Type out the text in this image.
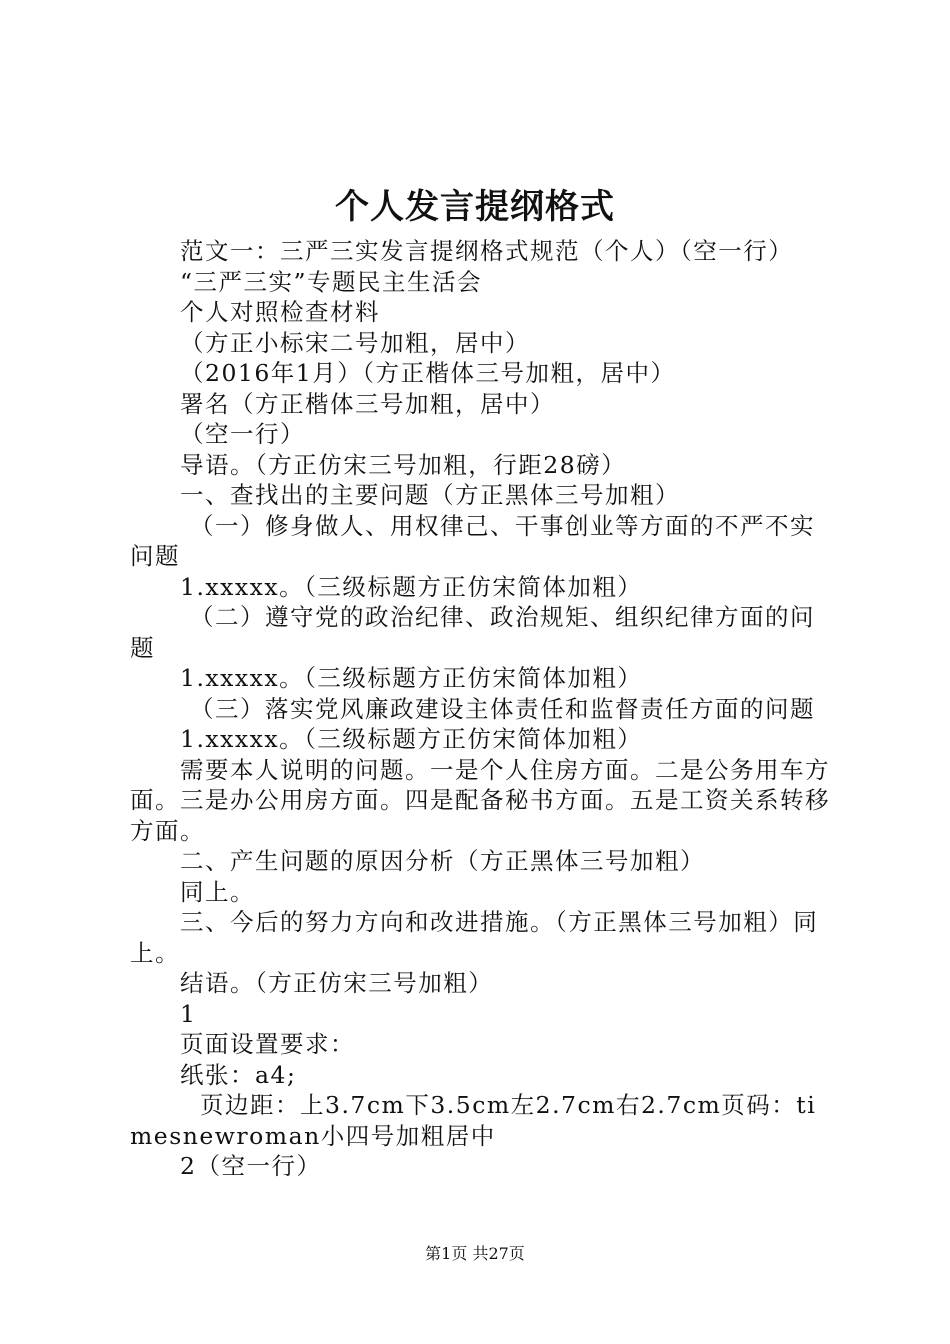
个人发言提纲格式

范文一：三严三实发言提纲格式规范（个人）（空一行）

“三严三实”专题民主生活会

个人对照检查材料

（方正小标宋二号加粗，居中）

（2016年1月）（方正楷体三号加粗，居中）

署名（方正楷体三号加粗，居中）

（空一行）

导语。（方正仿宋三号加粗，行距28磅）

一、查找出的主要问题（方正黑体三号加粗）

（一）修身做人、用权律己、干事创业等方面的不严不实问题

1.xxxxx。（三级标题方正仿宋简体加粗）

（二）遵守党的政治纪律、政治规矩、组织纪律方面的问题

1.xxxxx。（三级标题方正仿宋简体加粗）

（三）落实党风廉政建设主体责任和监督责任方面的问题

1.xxxxx。（三级标题方正仿宋简体加粗）

需要本人说明的问题。一是个人住房方面。二是公务用车方面。三是办公用房方面。四是配备秘书方面。五是工资关系转移方面。

二、产生问题的原因分析（方正黑体三号加粗）

同上。

三、今后的努力方向和改进措施。（方正黑体三号加粗）同上。

结语。（方正仿宋三号加粗）

1

页面设置要求：

纸张：a4;

页边距：上3.7cm下3.5cm左2.7cm右2.7cm页码：timesnewroman小四号加粗居中

2（空一行）

第1页 共27页
